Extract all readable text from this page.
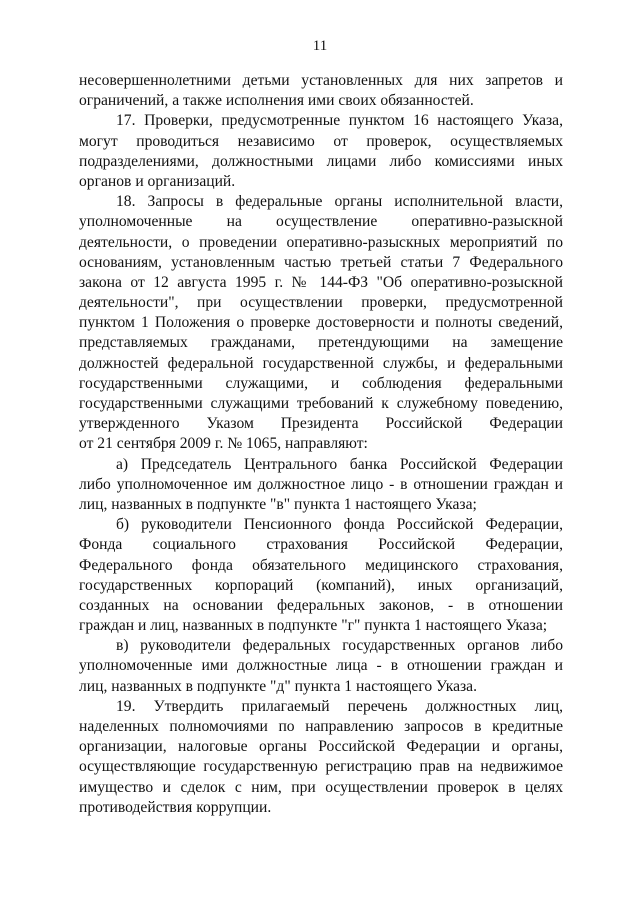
11
несовершеннолетними детьми установленных для них запретов и
ограничений, а также исполнения ими своих обязанностей.
17. Проверки, предусмотренные пунктом 16 настоящего Указа,
могут проводиться независимо от проверок, осуществляемых
подразделениями, должностными лицами либо комиссиями иных
органов и организаций.
18. Запросы в федеральные органы исполнительной власти,
уполномоченные на осуществление оперативно-разыскной
деятельности, о проведении оперативно-разыскных мероприятий по
основаниям, установленным частью третьей статьи 7 Федерального
закона от 12 августа 1995 г. № 144-ФЗ "Об оперативно-розыскной
деятельности", при осуществлении проверки, предусмотренной
пунктом 1 Положения о проверке достоверности и полноты сведений,
представляемых гражданами, претендующими на замещение
должностей федеральной государственной службы, и федеральными
государственными служащими, и соблюдения федеральными
государственными служащими требований к служебному поведению,
утвержденного Указом Президента Российской Федерации
от 21 сентября 2009 г. № 1065, направляют:
а) Председатель Центрального банка Российской Федерации
либо уполномоченное им должностное лицо - в отношении граждан и
лиц, названных в подпункте "в" пункта 1 настоящего Указа;
б) руководители Пенсионного фонда Российской Федерации,
Фонда социального страхования Российской Федерации,
Федерального фонда обязательного медицинского страхования,
государственных корпораций (компаний), иных организаций,
созданных на основании федеральных законов, - в отношении
граждан и лиц, названных в подпункте "г" пункта 1 настоящего Указа;
в) руководители федеральных государственных органов либо
уполномоченные ими должностные лица - в отношении граждан и
лиц, названных в подпункте "д" пункта 1 настоящего Указа.
19. Утвердить прилагаемый перечень должностных лиц,
наделенных полномочиями по направлению запросов в кредитные
организации, налоговые органы Российской Федерации и органы,
осуществляющие государственную регистрацию прав на недвижимое
имущество и сделок с ним, при осуществлении проверок в целях
противодействия коррупции.
